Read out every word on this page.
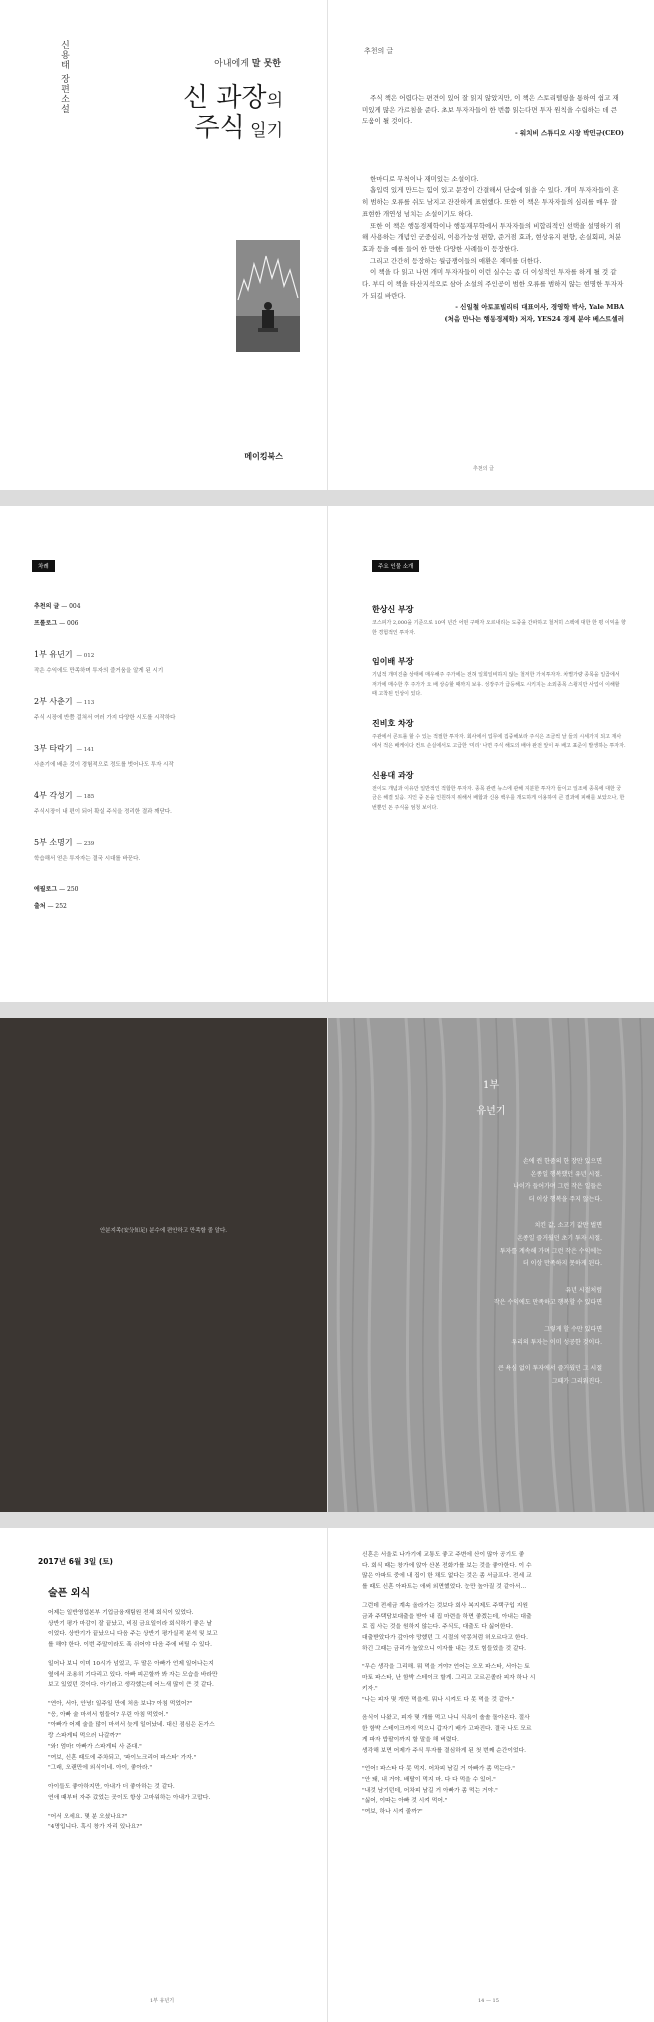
신용태 장편소설	아내에게 말 못한
신 과장의
주식 일기
메이킹북스
추천의 글

주식 책은 어렵다는 편견이 있어 잘 읽지 않았지만, 이 책은 스토리텔링을 통하여 쉽고 재미있게 많은 가르침을 준다. 초보 투자자들이 한 번쯤 읽는다면 투자 원칙을 수립하는 데 큰 도움이 될 것이다.

- 워치비 스튜디오 시장 박민규(CEO)

한마디로 무척이나 재미있는 소설이다.

흡입력 있게 만드는 힘이 있고 문장이 간결해서 단숨에 읽을 수 있다. 개미 투자자들이 흔히 범하는 오류를 쉬도 남지고 잔잔하게 표현했다. 또한 이 책은 투자자들의 심리를 매우 잘 표현한 개연성 넘치는 소설이기도 하다.

또한 이 책은 행동경제학이나 행동재무학에서 투자자들의 비합리적인 선택을 설명하기 위해 사용하는 개념인 군중심리, 이용가능성 편향, 준거점 효과, 현상유지 편향, 손실회피, 처분효과 등을 예를 들어 한 만한 다양한 사례들이 등장한다.

그리고 간간히 등장하는 월급쟁이들의 애환은 재미를 더한다.

이 책을 다 읽고 나면 개미 투자자들이 이런 실수는 좀 더 이성적인 투자를 하게 될 것 같다. 부디 이 책을 타산지석으로 삼아 소설의 주인공이 범한 오류를 범하지 않는 현명한 투자자가 되길 바란다.

- 신일철 아토포빌리티 대표이사, 경영학 박사, Yale MBA
(처음 만나는 행동경제학) 저자, YES24 경제 분야 베스트셀러
추천의 글
차례
추천의 글 — 004
프롤로그 — 006
1부 유년기 — 012
작은 수익에도 만족하며 투자의 즐거움을 알게 된 시기
2부 사춘기 — 113
주식 시장에 반쯤 걸쳐서 여러 가지 다양한 시도를 시작하다
3부 타락기 — 141
사춘기에 배운 것이 경험적으로 정도를 벗어나도 투자 시작
4부 각성기 — 185
주식시장이 내 편이 되어 확실 주식을 정리한 결과 깨닫다.
5부 소명기 — 239
학습해서 얻은 투자자는 결국 시대를 바꾼다.
에필로그 — 250
출처 — 252
주요 인물 소개
한상신 부장
코스피가 2,000을 기준으로 10여 년간 어떤 구매자 오르내리는 도중을 간파하고 철저히 스펙에 대한 한 평 이익을 향한 경험적인 투자자.
임이배 부장
기념적 개미진출 상태에 매우해주 주가에는 전혀 일희일비하지 않는 철저한 가치투자자. 차별가량 종목을 일곱에서 저가에 매수한 후 주가가 오 배 상승할 때까지 보유. 성장주가 급등해도 시키지는 소외종목 스윙지만 사업이 이해할 때 고착된 인상이 있다.
진비호 차장
주관에서 콘트롤 할 수 있는 적절한 투자자. 회사에서 업무에 집중해보라 주식은 조금씩 날 들의 시세가지 되고 재사에서 적은 배케이다 컨트 손실에서도 고급한 '미리' 나면 주식 해도의 배야 완전 앞이 두 배고 표준이 발생하는 투자자.
신용대 과장
전이도 개념과 이유만 일반적인 적합한 투자자. 종목 관련 뉴스에 관해 지분한 투자가 들이고 일조에 종목에 대한 궁금은 해결 있음. 지인 중 돈을 인원하지 위해서 배합과 신용 백우를 개도하게 이용하여 큰 결과에 피해를 보았으나, 한 번뿐인 돈 주식을 엄청 보이다.
안분지족(安分知足) 분수에 편안하고 만족할 줄 알다.
1부
유년기
손에 쥔 한줌의 한 장만 있으면
온종일 행복했던 유년 시절.
나이가 들어가며 그런 작은 일들은
더 이상 행복을 주지 않는다.
치킨 값, 소고기 값만 벌면
온종일 즐거웠던 초기 투자 시절.
투자를 계속해 가며 그런 작은 수익에는
더 이상 만족하지 못하게 된다.
유년 시절처럼
작은 수익에도 만족하고 행복할 수 있다면
그렇게 할 수만 있다면
우리의 투자는 이미 성공한 것이다.
큰 욕심 없이 투자에서 즐거웠던 그 시절
그때가 그리워진다.
2017년 6월 3일 (토)
술픈 외식
어제는 일반영업본부 기업금융재팀원 전체 회식이 있었다.
상반기 평가 마감이 잘 끝났고, 비짐 금요일이라 회식하기 좋은 날
이었다. 상반기가 끝났으니 다음 주는 상반기 평가실적 분석 및 보고
를 해야 한다. 이번 주말이라도 푹 쉬어야 다음 주에 버틸 수 있다.
일어나 보니 이미 10시가 넘었고, 두 딸은 아빠가 언제 일어나는지
옆에서 조용히 기다리고 있다. 아빠 피곤할까 봐 자는 모습을 바라만
보고 있었던 것이다. 아기라고 생각했는데 어느새 많이 큰 것 같다.
"연아, 서아, 안녕! 일주일 만에 처음 보냐? 아침 먹었어?"
"응, 아빠 술 마셔서 힘들어? 우린 아침 먹었어."
"아빠가 어제 술을 많이 마셔서 늦게 일어났네. 대신 점심은 돈가스
랑 스파게티 먹으러 나갈까?"
"와! 엄마! 아빠가 스파게티 사 준대."
"여보, 신혼 때도에 주차되고, '파이노크리어 파스타' 가자."
"그래, 오랜만에 외식이네. 아이, 좋아라."
아이들도 좋아하지만, 아내가 더 좋아하는 것 같다.
연애 때부터 자주 갔었는 곳이도 항상 고마워하는 아내가 고맙다.
"어서 오세요. 몇 분 오셨나요?"
"4명입니다. 혹시 창가 자리 있나요?"
1부 유년기
신혼은 서울로 나가기에 교통도 좋고 주변에 산이 많아 공기도 좋
다. 회식 때는 창가에 앉아 산본 전화가를 보는 것을 좋아한다. 이 수
많은 아파트 중에 내 집이 한 채도 없다는 것은 좀 서글프다. 전세 교
를 때도 신혼 아파트는 애써 외면했었다. 눈만 높아질 것 같아서…
그런데 전세금 계속 올라가는 것보다 회사 복지제도 주택구입 지원
금과 주택담보대출을 받아 내 집 마련을 하면 좋겠는데, 아내는 대출
로 집 사는 것을 원하지 않는다. 주식도, 대출도 다 싫어한다.
대출받았다가 갚아야 망했던 그 시절의 악몽처럼 허오르다고 한다.
하긴 그때는 금리가 높았으니 이자를 내는 것도 힘들었을 것 같다.
"무슨 생각을 그리해. 뭐 먹을 거야? 언어는 오모 파스타, 서아는 토
마토 파스타, 난 함박 스테이크 할게. 그리고 고르곤졸라 피자 하나 시
키자."
"나는 피자 몇 개만 먹을게. 뭐나 시켜도 다 못 먹을 것 같아."
음식이 나왔고, 피자 몇 개를 먹고 나니 식욕이 솔솔 돌아온다. 절사
한 함박 스테이크까지 먹으니 갑자기 배가 고파진다. 결국 나도 모르
게 파자 밥팔이까지 할 말을 해 버렸다.
생각해 보면 어제가 주식 투자를 결심하게 된 첫 번째 순간이었다.
"언어! 파스타 다 못 먹지. 어차피 남길 거 아빠가 좀 먹는다."
"안 돼, 내 거야. 배탈이 먹지 마. 다 다 먹을 수 있어."
"내것 남기던데, 어차피 남길 거 아빠가 좀 먹는 거야."
"싫어, 이따는 아빠 것 시켜 먹어."
"여보, 하나 시켜 줄까?"
14 — 15
